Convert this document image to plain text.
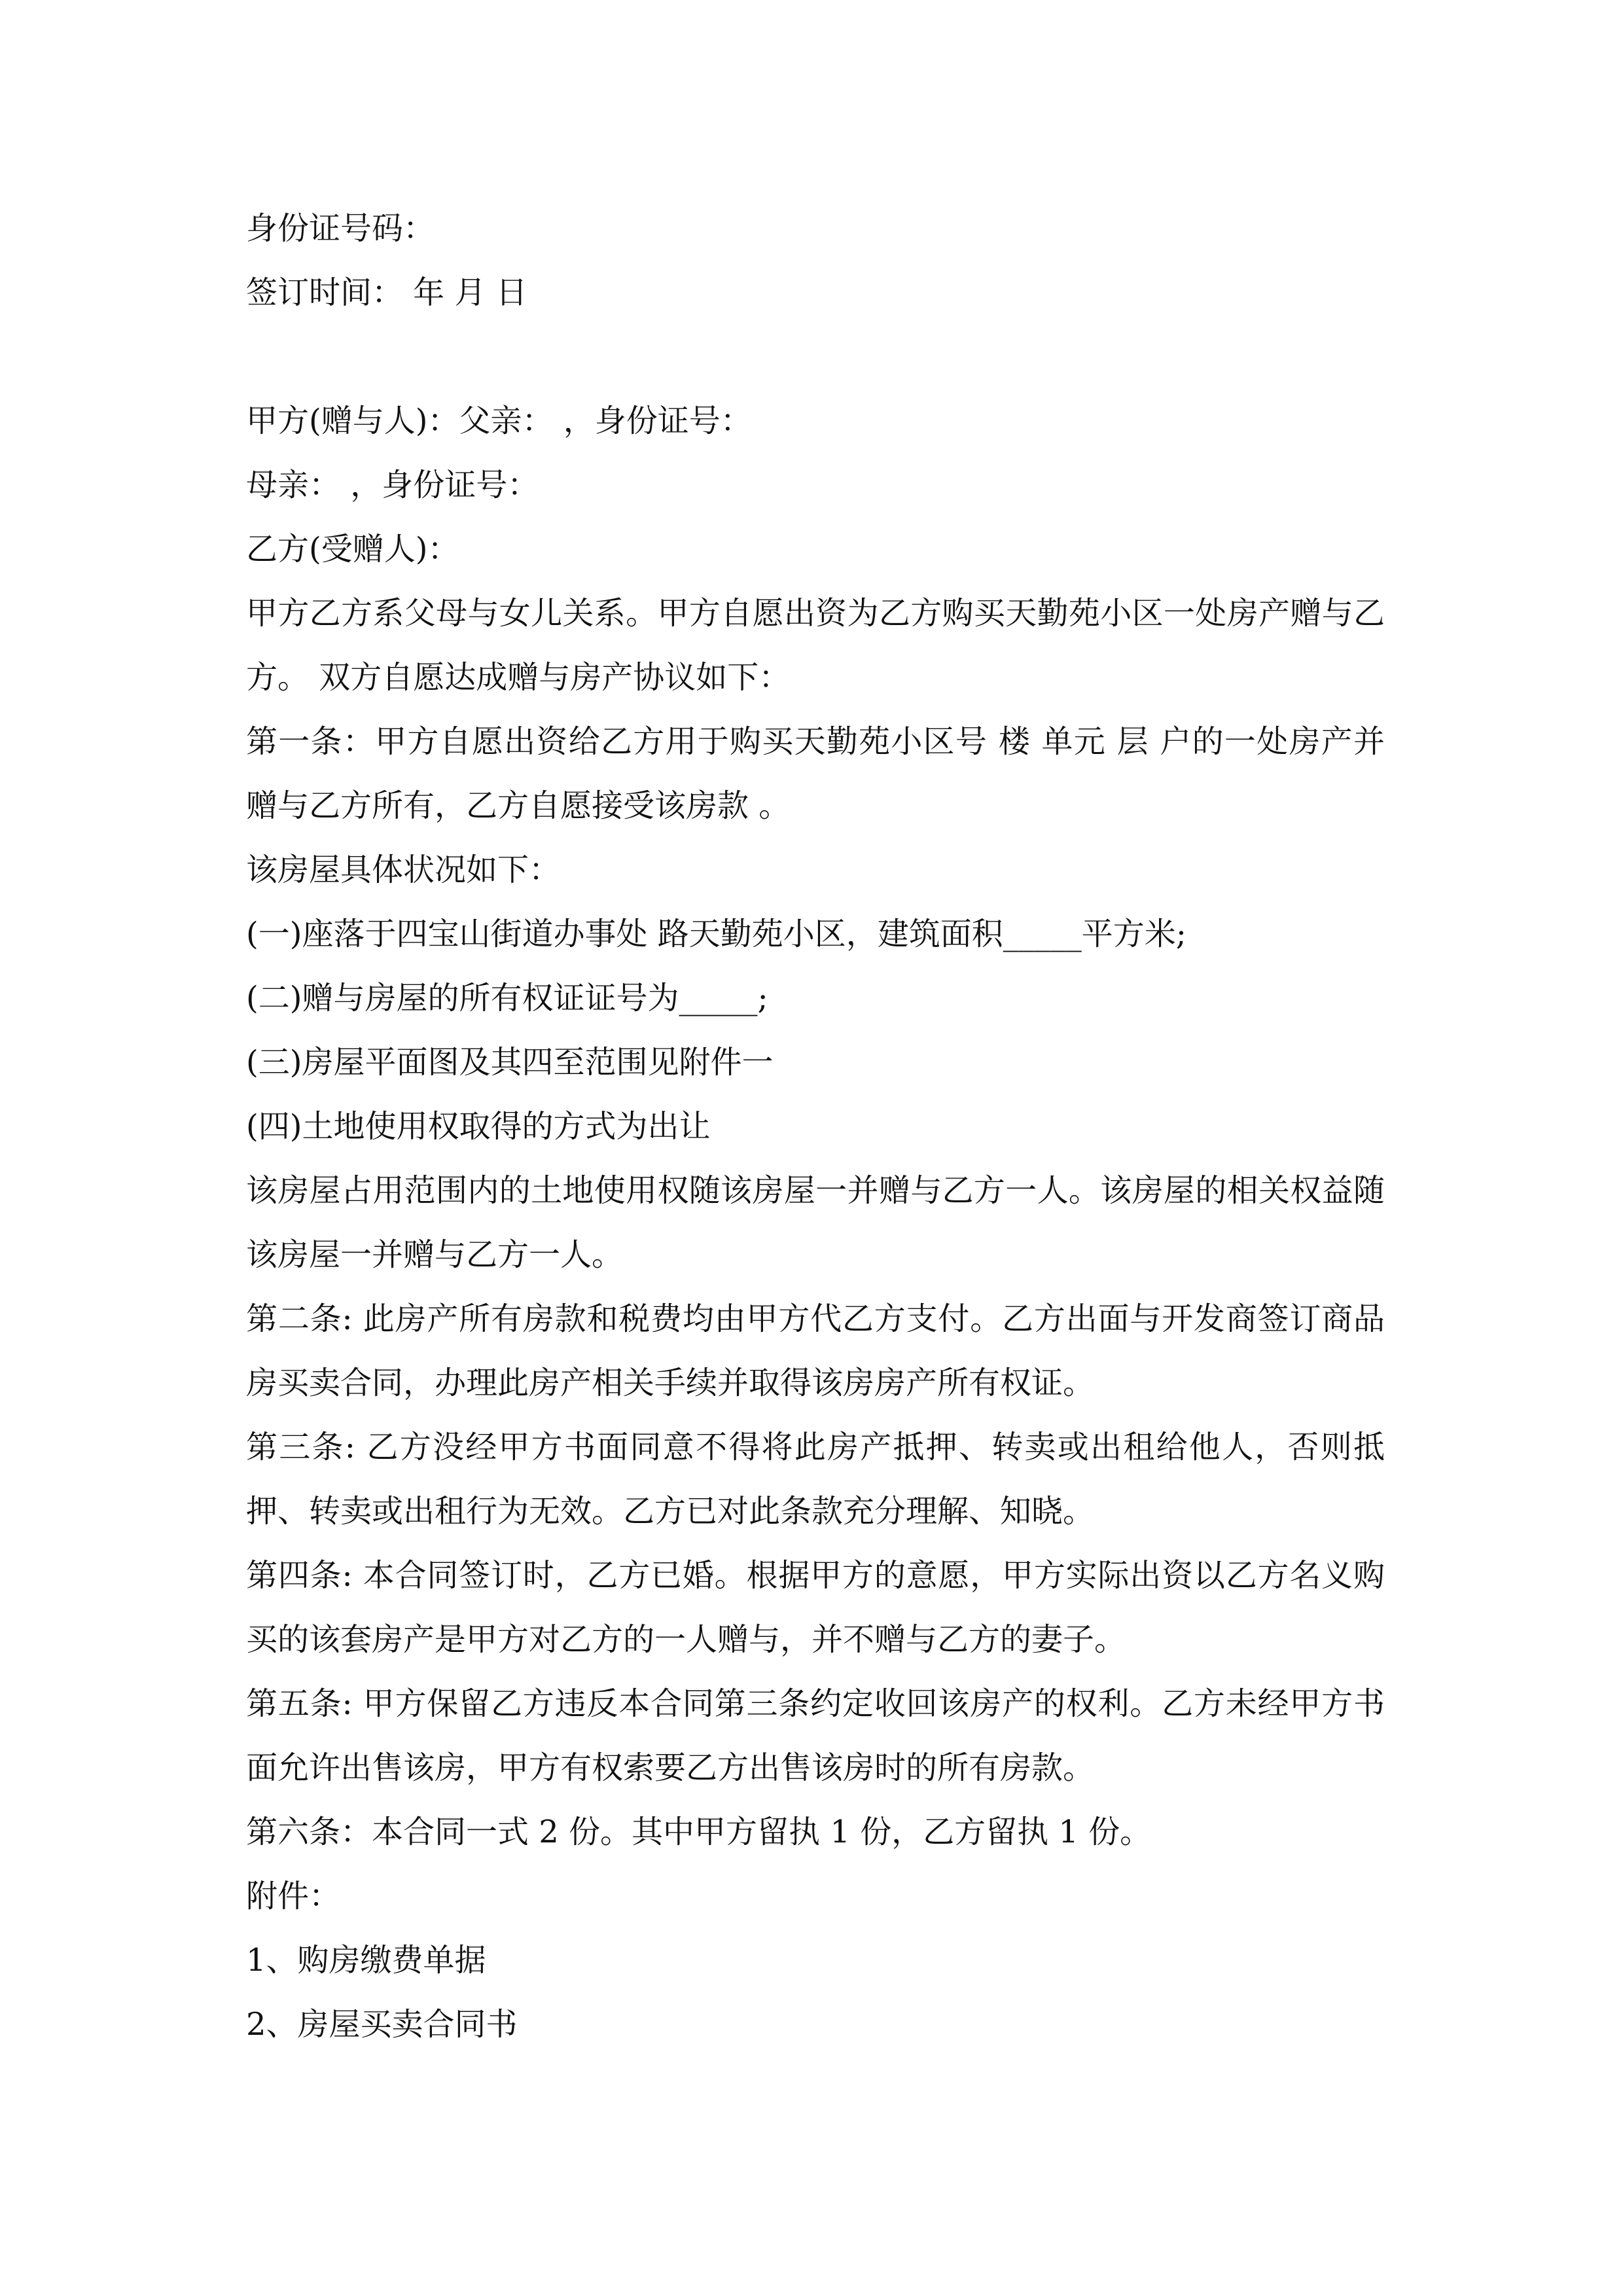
身份证号码：
签订时间： 年 月 日
甲方(赠与人)：父亲： ，身份证号：
母亲： ，身份证号：
乙方(受赠人)：
甲方乙方系父母与女儿关系。甲方自愿出资为乙方购买天勤苑小区一处房产赠与乙方。 双方自愿达成赠与房产协议如下：
第一条：甲方自愿出资给乙方用于购买天勤苑小区号 楼 单元 层 户的一处房产并赠与乙方所有，乙方自愿接受该房款 。
该房屋具体状况如下：
(一)座落于四宝山街道办事处 路天勤苑小区，建筑面积_____平方米;
(二)赠与房屋的所有权证证号为_____;
(三)房屋平面图及其四至范围见附件一
(四)土地使用权取得的方式为出让
该房屋占用范围内的土地使用权随该房屋一并赠与乙方一人。该房屋的相关权益随该房屋一并赠与乙方一人。
第二条: 此房产所有房款和税费均由甲方代乙方支付。乙方出面与开发商签订商品房买卖合同，办理此房产相关手续并取得该房房产所有权证。
第三条: 乙方没经甲方书面同意不得将此房产抵押、转卖或出租给他人，否则抵押、转卖或出租行为无效。乙方已对此条款充分理解、知晓。
第四条: 本合同签订时，乙方已婚。根据甲方的意愿，甲方实际出资以乙方名义购买的该套房产是甲方对乙方的一人赠与，并不赠与乙方的妻子。
第五条: 甲方保留乙方违反本合同第三条约定收回该房产的权利。乙方未经甲方书面允许出售该房，甲方有权索要乙方出售该房时的所有房款。
第六条：本合同一式 2 份。其中甲方留执 1 份，乙方留执 1 份。
附件：
1、购房缴费单据
2、房屋买卖合同书
